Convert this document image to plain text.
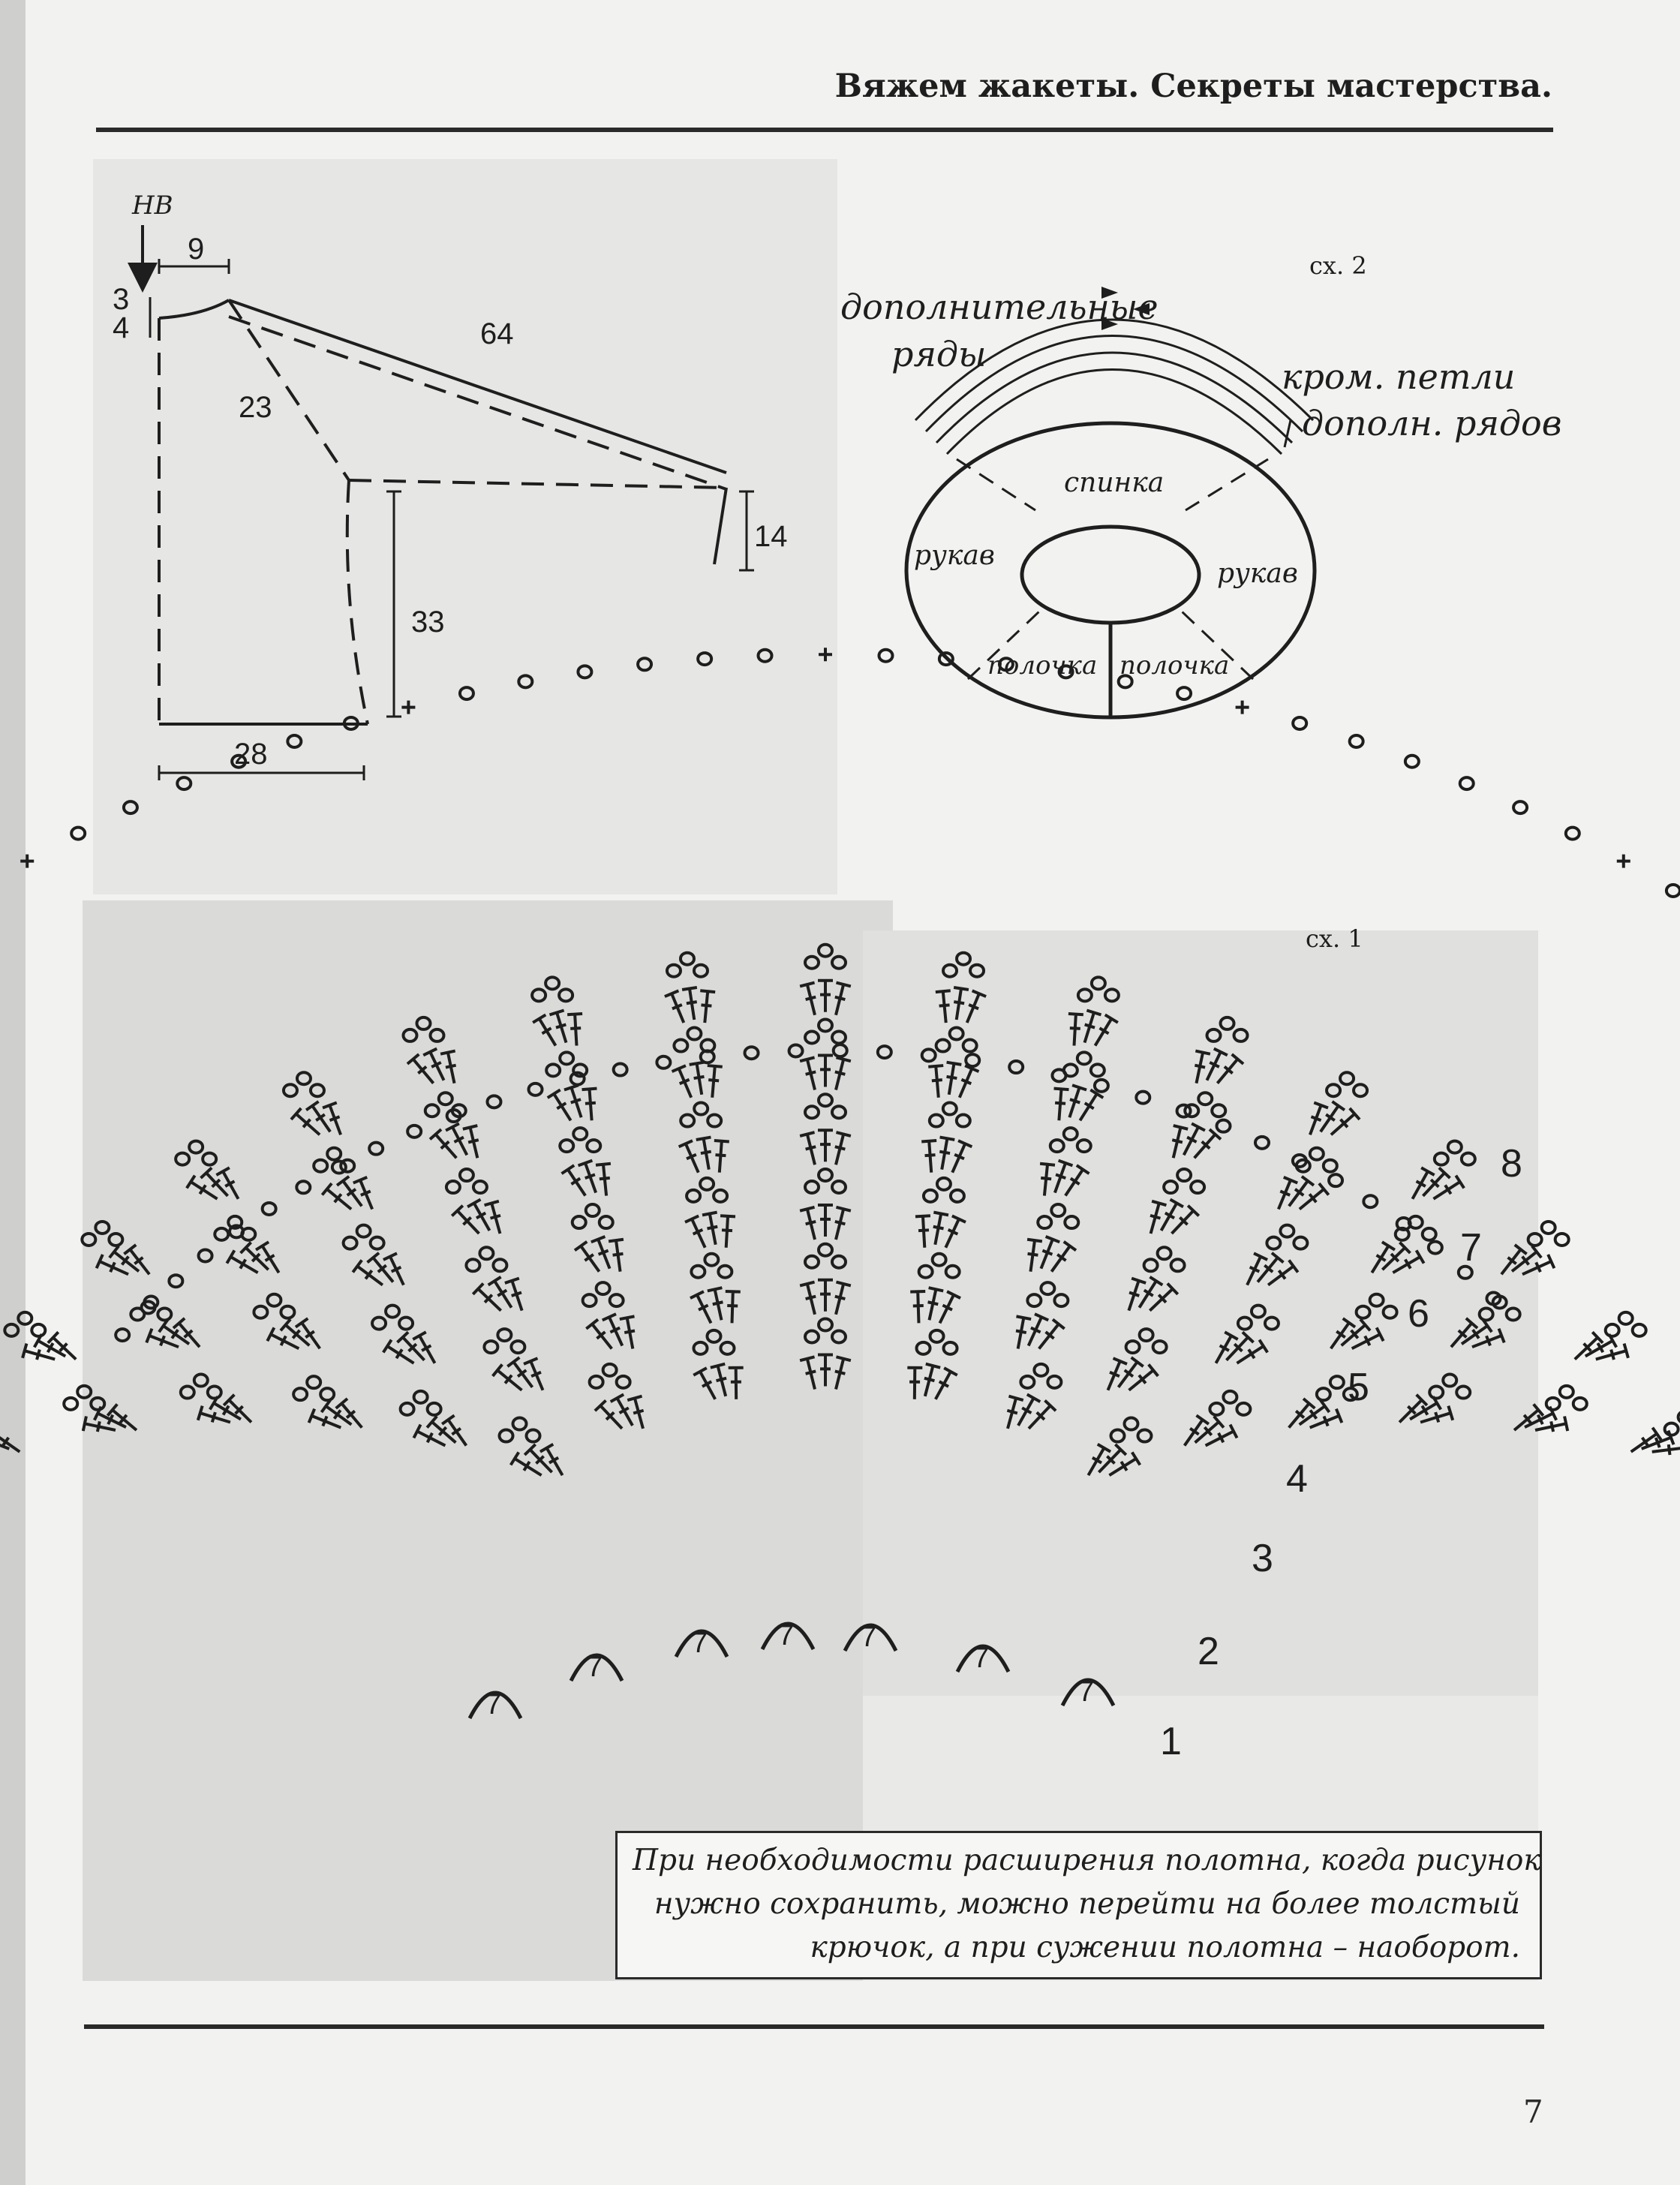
Вяжем жакеты. Секреты мастерства.
НВ
9
3
4	64
23
14
33
28
сх. 2
дополнительные
ряды
кром. петли
дополн. рядов
спинка
рукав
рукав
полочка полочка
сх. 1
7
7
7 7 7
7
7
1
2
3
4
5
6
7
8
При необходимости расширения полотна, когда рисунок
нужно сохранить, можно перейти на более толстый
крючок, а при сужении полотна – наоборот.
7
